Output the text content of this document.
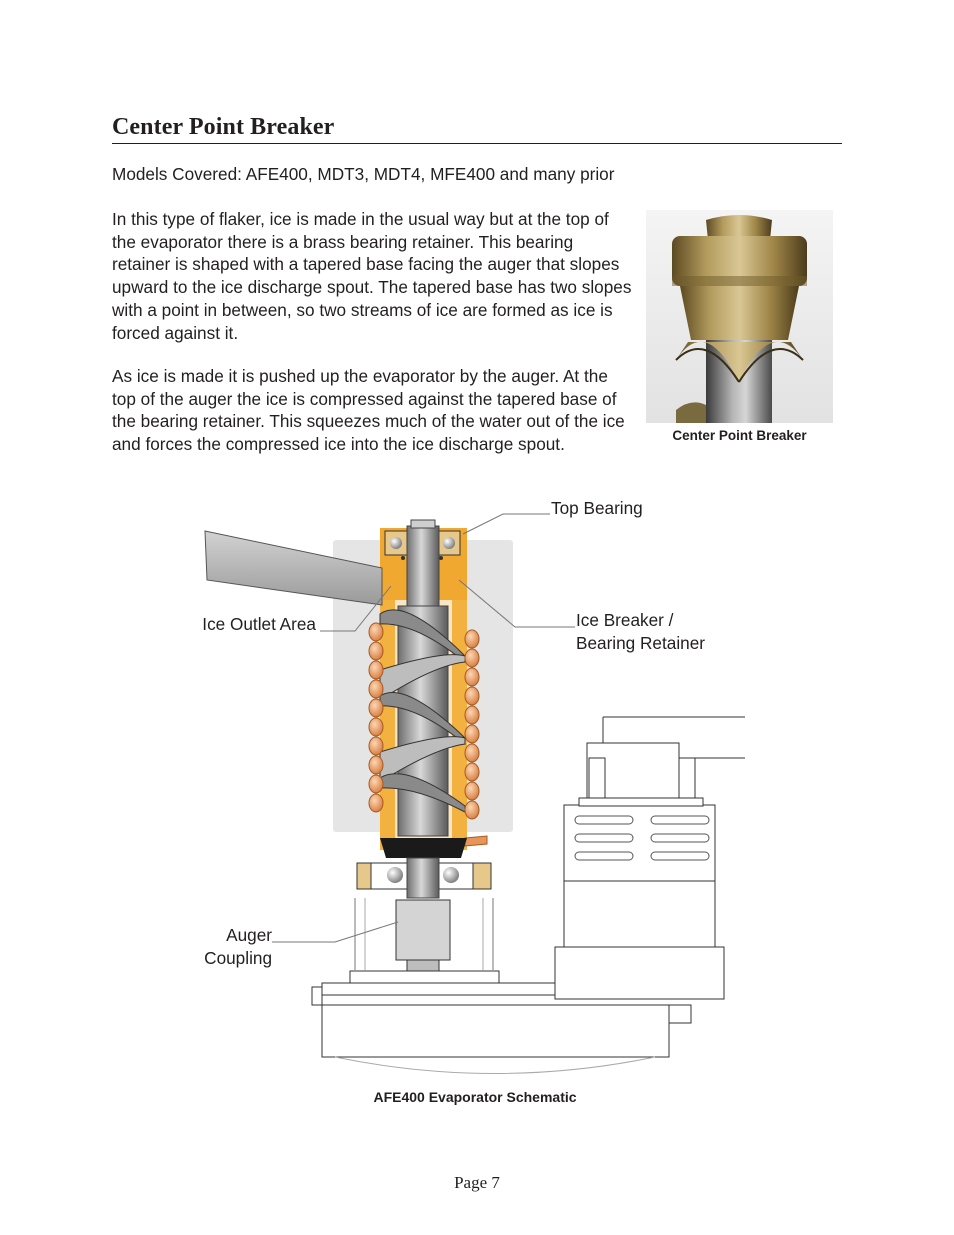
Center Point Breaker
Models Covered: AFE400, MDT3, MDT4, MFE400 and many prior
In this type of flaker, ice is made in the usual way but at the top of the evaporator there is a brass bearing retainer. This bearing retainer is shaped with a tapered base facing the auger that slopes upward to the ice discharge spout. The tapered base has two slopes with a point in between, so two streams of ice are formed as ice is forced against it.
As ice is made it is pushed up the evaporator by the auger. At the top of the auger the ice is compressed against the tapered base of the bearing retainer. This squeezes much of the water out of the ice and forces the compressed ice into the ice discharge spout.	Center Point Breaker
Top Bearing
Ice Breaker / Bearing Retainer
Ice Outlet Area
Auger Coupling
AFE400 Evaporator Schematic
Page 7
